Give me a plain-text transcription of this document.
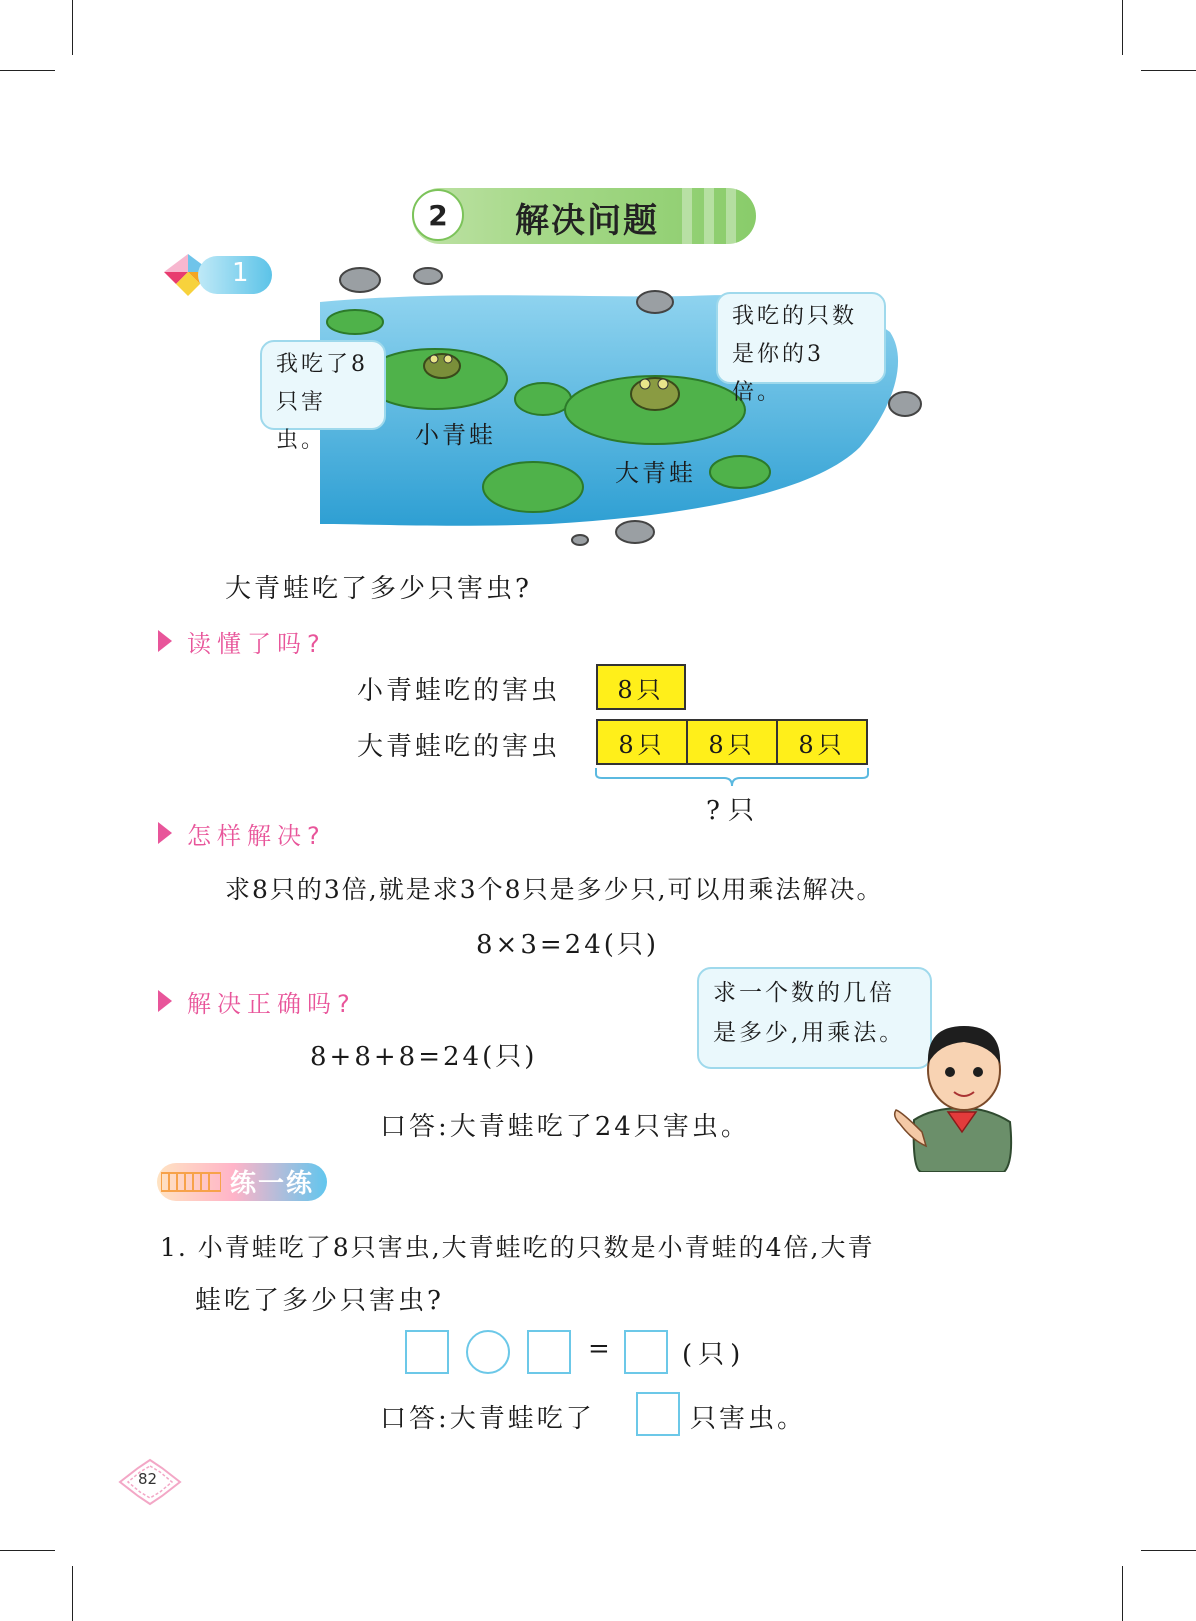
2	解决问题
1
我吃了8只害虫。
我吃的只数是你的3倍。
小青蛙
大青蛙
大青蛙吃了多少只害虫?
读懂了吗?
小青蛙吃的害虫	8只
大青蛙吃的害虫	8只	8只	8只
?只
怎样解决?
求8只的3倍,就是求3个8只是多少只,可以用乘法解决。
8×3=24(只)
解决正确吗?
8+8+8=24(只)
求一个数的几倍是多少,用乘法。
口答:大青蛙吃了24只害虫。
练一练
1. 小青蛙吃了8只害虫,大青蛙吃的只数是小青蛙的4倍,大青
蛙吃了多少只害虫?
=	(只)
口答:大青蛙吃了	只害虫。
82
